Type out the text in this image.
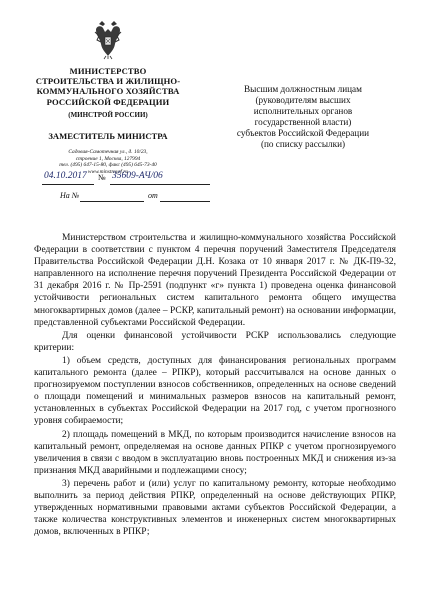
МИНИСТЕРСТВО
СТРОИТЕЛЬСТВА И ЖИЛИЩНО-
КОММУНАЛЬНОГО ХОЗЯЙСТВА
РОССИЙСКОЙ ФЕДЕРАЦИИ
(МИНСТРОЙ РОССИИ)
ЗАМЕСТИТЕЛЬ МИНИСТРА
Садовая-Самотечная ул., д. 10/23,
строение 1, Москва, 127994
тел. (495) 647-15-80, факс (495) 645-73-40
www.minstroyrf.ru
04.10.2017 № 35609-АЧ/06
На №	от
Высшим должностным лицам
(руководителям высших
исполнительных органов
государственной власти)
субъектов Российской Федерации
(по списку рассылки)

Министерством строительства и жилищно-коммунального хозяйства Российской Федерации в соответствии с пунктом 4 перечня поручений Заместителя Председателя Правительства Российской Федерации Д.Н. Козака от 10 января 2017 г. № ДК-П9-32, направленного на исполнение перечня поручений Президента Российской Федерации от 31 декабря 2016 г. № Пр-2591 (подпункт «г» пункта 1) проведена оценка финансовой устойчивости региональных систем капитального ремонта общего имущества многоквартирных домов (далее – РСКР, капитальный ремонт) на основании информации, представленной субъектами Российской Федерации.

Для оценки финансовой устойчивости РСКР использовались следующие критерии:

1) объем средств, доступных для финансирования региональных программ капитального ремонта (далее – РПКР), который рассчитывался на основе данных о прогнозируемом поступлении взносов собственников, определенных на основе сведений о площади помещений и минимальных размеров взносов на капитальный ремонт, установленных в субъектах Российской Федерации на 2017 год, с учетом прогнозного уровня собираемости;

2) площадь помещений в МКД, по которым производится начисление взносов на капитальный ремонт, определяемая на основе данных РПКР с учетом прогнозируемого увеличения в связи с вводом в эксплуатацию вновь построенных МКД и снижения из-за признания МКД аварийными и подлежащими сносу;

3) перечень работ и (или) услуг по капитальному ремонту, которые необходимо выполнить за период действия РПКР, определенный на основе действующих РПКР, утвержденных нормативными правовыми актами субъектов Российской Федерации, а также количества конструктивных элементов и инженерных систем многоквартирных домов, включенных в РПКР;
